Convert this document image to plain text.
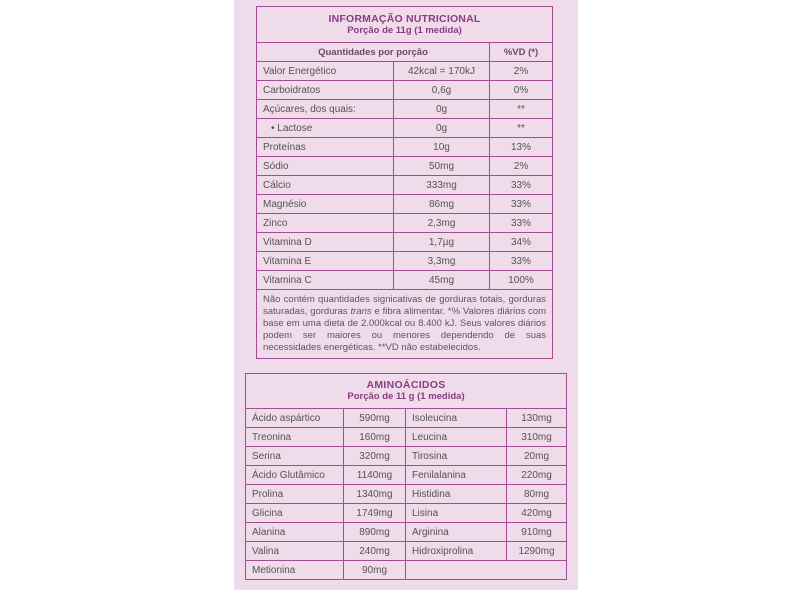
INFORMAÇÃO NUTRICIONAL
Porção de 11g (1 medida)		

Quantidades por porção		%VD (*)
Valor Energético	42kcal = 170kJ	2%
Carboidratos	0,6g	0%
Açúcares, dos quais:	0g	**
• Lactose	0g	**
Proteínas	10g	13%
Sódio	50mg	2%
Cálcio	333mg	33%
Magnésio	86mg	33%
Zinco	2,3mg	33%
Vitamina D	1,7µg	34%
Vitamina E	3,3mg	33%
Vitamina C	45mg	100%
Não contém quantidades signicativas de gorduras totais, gorduras saturadas, gorduras trans e fibra alimentar. *% Valores diários com base em uma dieta de 2.000kcal ou 8.400 kJ. Seus valores diários podem ser maiores ou menores dependendo de suas necessidades energéticas. **VD não estabelecidos.		
AMINOÁCIDOS
Porção de 11 g (1 medida)			

Ácido aspártico	590mg	Isoleucina	130mg
Treonina	160mg	Leucina	310mg
Serina	320mg	Tirosina	20mg
Ácido Glutâmico	1140mg	Fenilalanina	220mg
Prolina	1340mg	Histidina	80mg
Glicina	1749mg	Lisina	420mg
Alanina	890mg	Arginina	910mg
Valina	240mg	Hidroxiprolina	1290mg
Metionina	90mg		
